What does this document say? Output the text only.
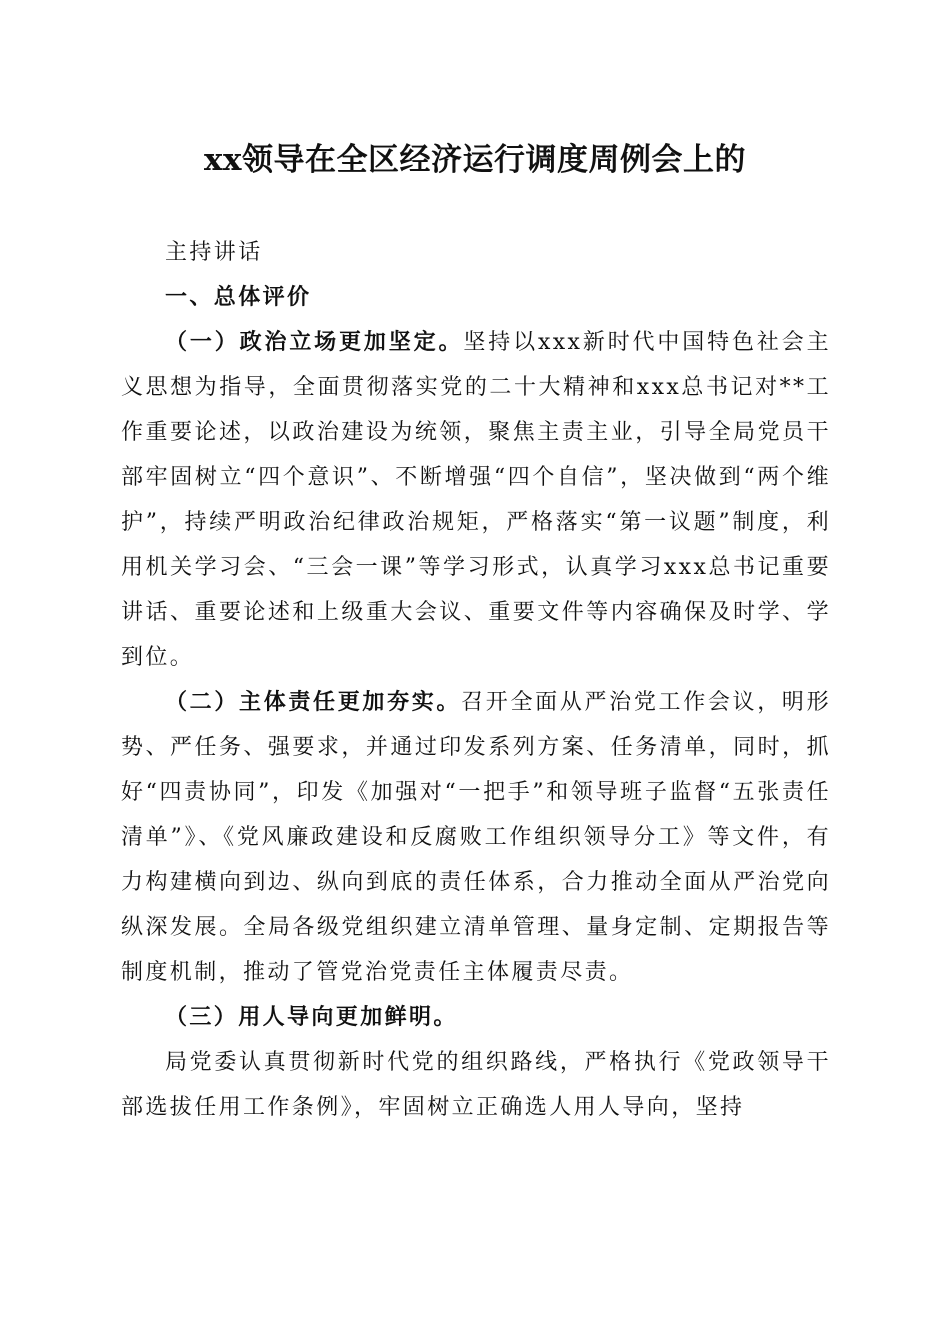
xx领导在全区经济运行调度周例会上的

主持讲话

一、总体评价

（一）政治立场更加坚定。坚持以xxx新时代中国特色社会主义思想为指导，全面贯彻落实党的二十大精神和xxx总书记对**工作重要论述，以政治建设为统领，聚焦主责主业，引导全局党员干部牢固树立“四个意识”、不断增强“四个自信”，坚决做到“两个维护”，持续严明政治纪律政治规矩，严格落实“第一议题”制度，利用机关学习会、“三会一课”等学习形式，认真学习xxx总书记重要讲话、重要论述和上级重大会议、重要文件等内容确保及时学、学到位。

（二）主体责任更加夯实。召开全面从严治党工作会议，明形势、严任务、强要求，并通过印发系列方案、任务清单，同时，抓好“四责协同”，印发《加强对“一把手”和领导班子监督“五张责任清单”》、《党风廉政建设和反腐败工作组织领导分工》等文件，有力构建横向到边、纵向到底的责任体系，合力推动全面从严治党向纵深发展。全局各级党组织建立清单管理、量身定制、定期报告等制度机制，推动了管党治党责任主体履责尽责。

（三）用人导向更加鲜明。

局党委认真贯彻新时代党的组织路线，严格执行《党政领导干部选拔任用工作条例》，牢固树立正确选人用人导向，坚持
